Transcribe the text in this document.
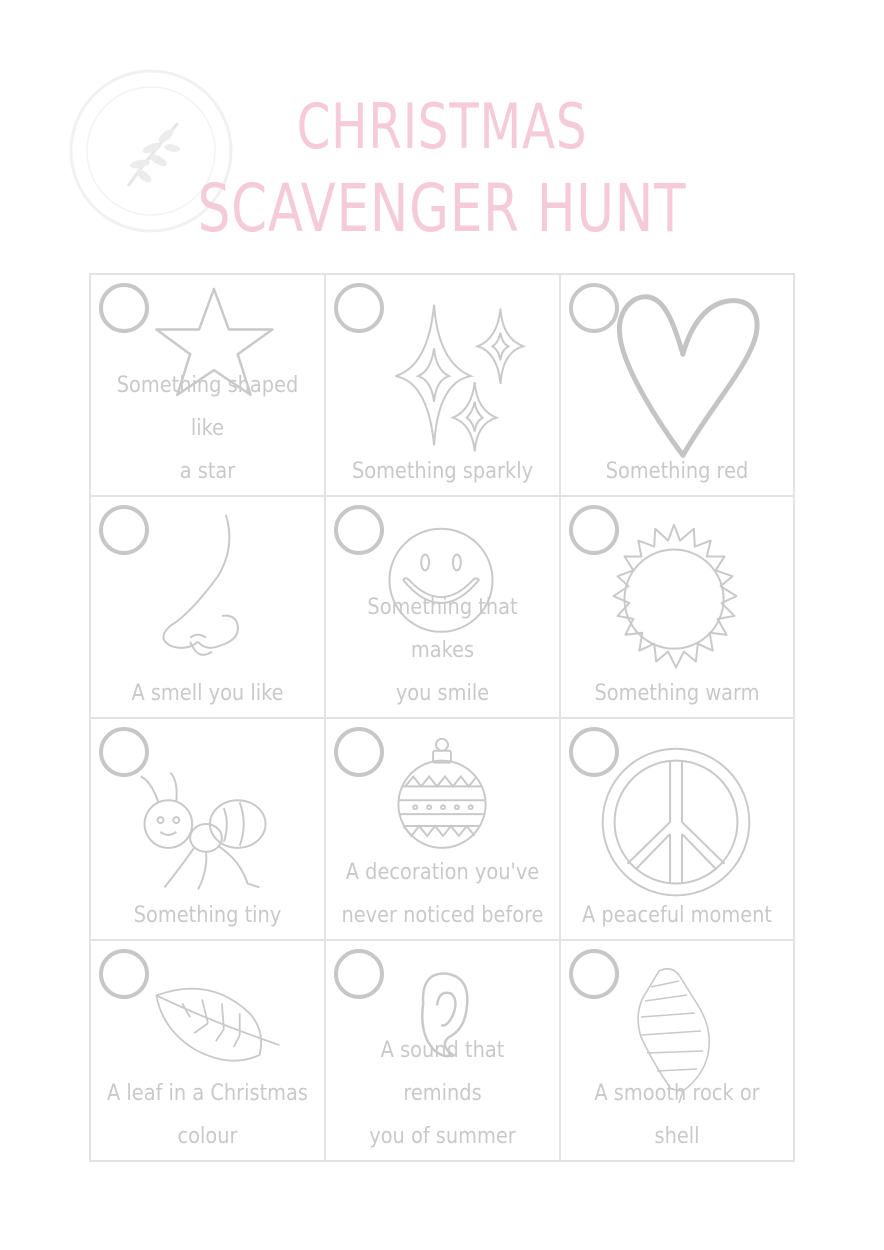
CHRISTMAS
SCAVENGER HUNT
Something shaped like
a star	Something sparkly	Something red
A smell you like
Something that makes
you smile	Something warm
Something tiny
A decoration you've
never noticed before	A peaceful moment
A leaf in a Christmas
colour
A sound that reminds
you of summer
A smooth rock or shell
